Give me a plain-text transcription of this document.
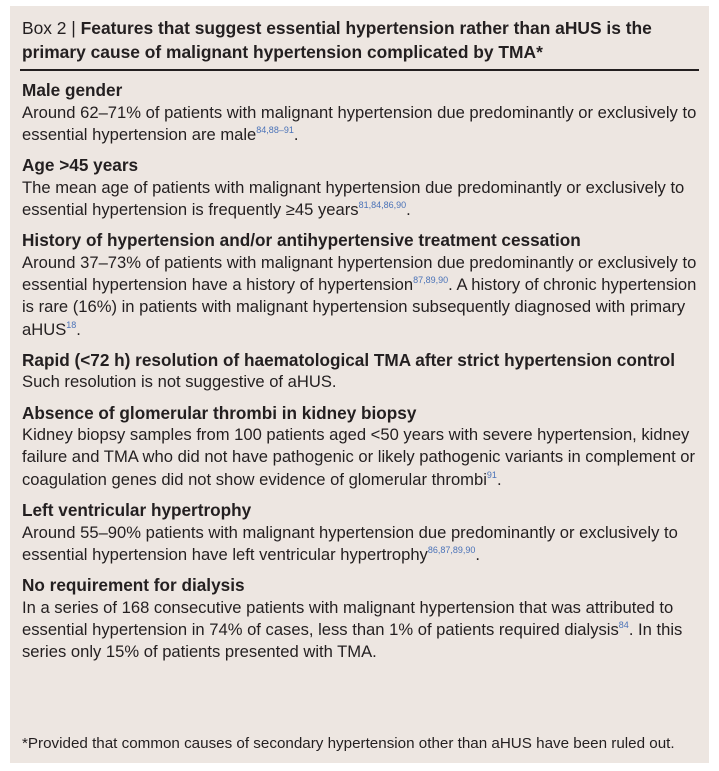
Box 2 | Features that suggest essential hypertension rather than aHUS is the primary cause of malignant hypertension complicated by TMA*
Male gender
Around 62–71% of patients with malignant hypertension due predominantly or exclusively to essential hypertension are male$^{84,88-91}$.
Age >45 years
The mean age of patients with malignant hypertension due predominantly or exclusively to essential hypertension is frequently ≥45 years$^{81,84,86,90}$.
History of hypertension and/or antihypertensive treatment cessation
Around 37–73% of patients with malignant hypertension due predominantly or exclusively to essential hypertension have a history of hypertension$^{87,89,90}$. A history of chronic hypertension is rare (16%) in patients with malignant hypertension subsequently diagnosed with primary aHUS$^{18}$.
Rapid (<72 h) resolution of haematological TMA after strict hypertension control
Such resolution is not suggestive of aHUS.
Absence of glomerular thrombi in kidney biopsy
Kidney biopsy samples from 100 patients aged <50 years with severe hypertension, kidney failure and TMA who did not have pathogenic or likely pathogenic variants in complement or coagulation genes did not show evidence of glomerular thrombi$^{91}$.
Left ventricular hypertrophy
Around 55–90% patients with malignant hypertension due predominantly or exclusively to essential hypertension have left ventricular hypertrophy$^{86,87,89,90}$.
No requirement for dialysis
In a series of 168 consecutive patients with malignant hypertension that was attributed to essential hypertension in 74% of cases, less than 1% of patients required dialysis$^{84}$. In this series only 15% of patients presented with TMA.
*Provided that common causes of secondary hypertension other than aHUS have been ruled out.
